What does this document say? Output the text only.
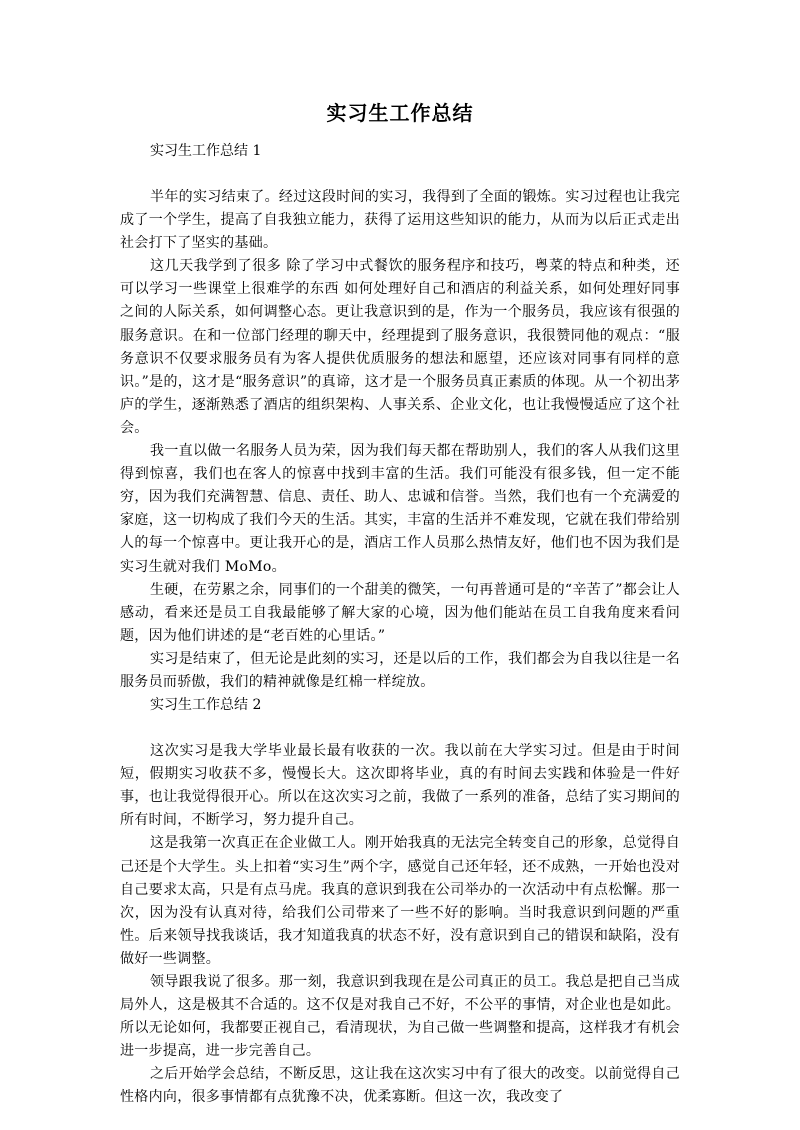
实习生工作总结

实习生工作总结 1

半年的实习结束了。经过这段时间的实习，我得到了全面的锻炼。实习过程也让我完成了一个学生，提高了自我独立能力，获得了运用这些知识的能力，从而为以后正式走出社会打下了坚实的基础。

这几天我学到了很多 除了学习中式餐饮的服务程序和技巧，粤菜的特点和种类，还可以学习一些课堂上很难学的东西 如何处理好自己和酒店的利益关系，如何处理好同事之间的人际关系，如何调整心态。更让我意识到的是，作为一个服务员，我应该有很强的服务意识。在和一位部门经理的聊天中，经理提到了服务意识，我很赞同他的观点：“服务意识不仅要求服务员有为客人提供优质服务的想法和愿望，还应该对同事有同样的意识。”是的，这才是“服务意识”的真谛，这才是一个服务员真正素质的体现。从一个初出茅庐的学生，逐渐熟悉了酒店的组织架构、人事关系、企业文化，也让我慢慢适应了这个社会。

我一直以做一名服务人员为荣，因为我们每天都在帮助别人，我们的客人从我们这里得到惊喜，我们也在客人的惊喜中找到丰富的生活。我们可能没有很多钱，但一定不能穷，因为我们充满智慧、信息、责任、助人、忠诚和信誉。当然，我们也有一个充满爱的家庭，这一切构成了我们今天的生活。其实，丰富的生活并不难发现，它就在我们带给别人的每一个惊喜中。更让我开心的是，酒店工作人员那么热情友好，他们也不因为我们是实习生就对我们 MoMo。

生硬，在劳累之余，同事们的一个甜美的微笑，一句再普通可是的“辛苦了”都会让人感动，看来还是员工自我最能够了解大家的心境，因为他们能站在员工自我角度来看问题，因为他们讲述的是“老百姓的心里话。”

实习是结束了，但无论是此刻的实习，还是以后的工作，我们都会为自我以往是一名服务员而骄傲，我们的精神就像是红棉一样绽放。

实习生工作总结 2

这次实习是我大学毕业最长最有收获的一次。我以前在大学实习过。但是由于时间短，假期实习收获不多，慢慢长大。这次即将毕业，真的有时间去实践和体验是一件好事，也让我觉得很开心。所以在这次实习之前，我做了一系列的准备，总结了实习期间的所有时间，不断学习，努力提升自己。

这是我第一次真正在企业做工人。刚开始我真的无法完全转变自己的形象，总觉得自己还是个大学生。头上扣着“实习生”两个字，感觉自己还年轻，还不成熟，一开始也没对自己要求太高，只是有点马虎。我真的意识到我在公司举办的一次活动中有点松懈。那一次，因为没有认真对待，给我们公司带来了一些不好的影响。当时我意识到问题的严重性。后来领导找我谈话，我才知道我真的状态不好，没有意识到自己的错误和缺陷，没有做好一些调整。

领导跟我说了很多。那一刻，我意识到我现在是公司真正的员工。我总是把自己当成局外人，这是极其不合适的。这不仅是对我自己不好，不公平的事情，对企业也是如此。所以无论如何，我都要正视自己，看清现状，为自己做一些调整和提高，这样我才有机会进一步提高，进一步完善自己。

之后开始学会总结，不断反思，这让我在这次实习中有了很大的改变。以前觉得自己性格内向，很多事情都有点犹豫不决，优柔寡断。但这一次，我改变了
